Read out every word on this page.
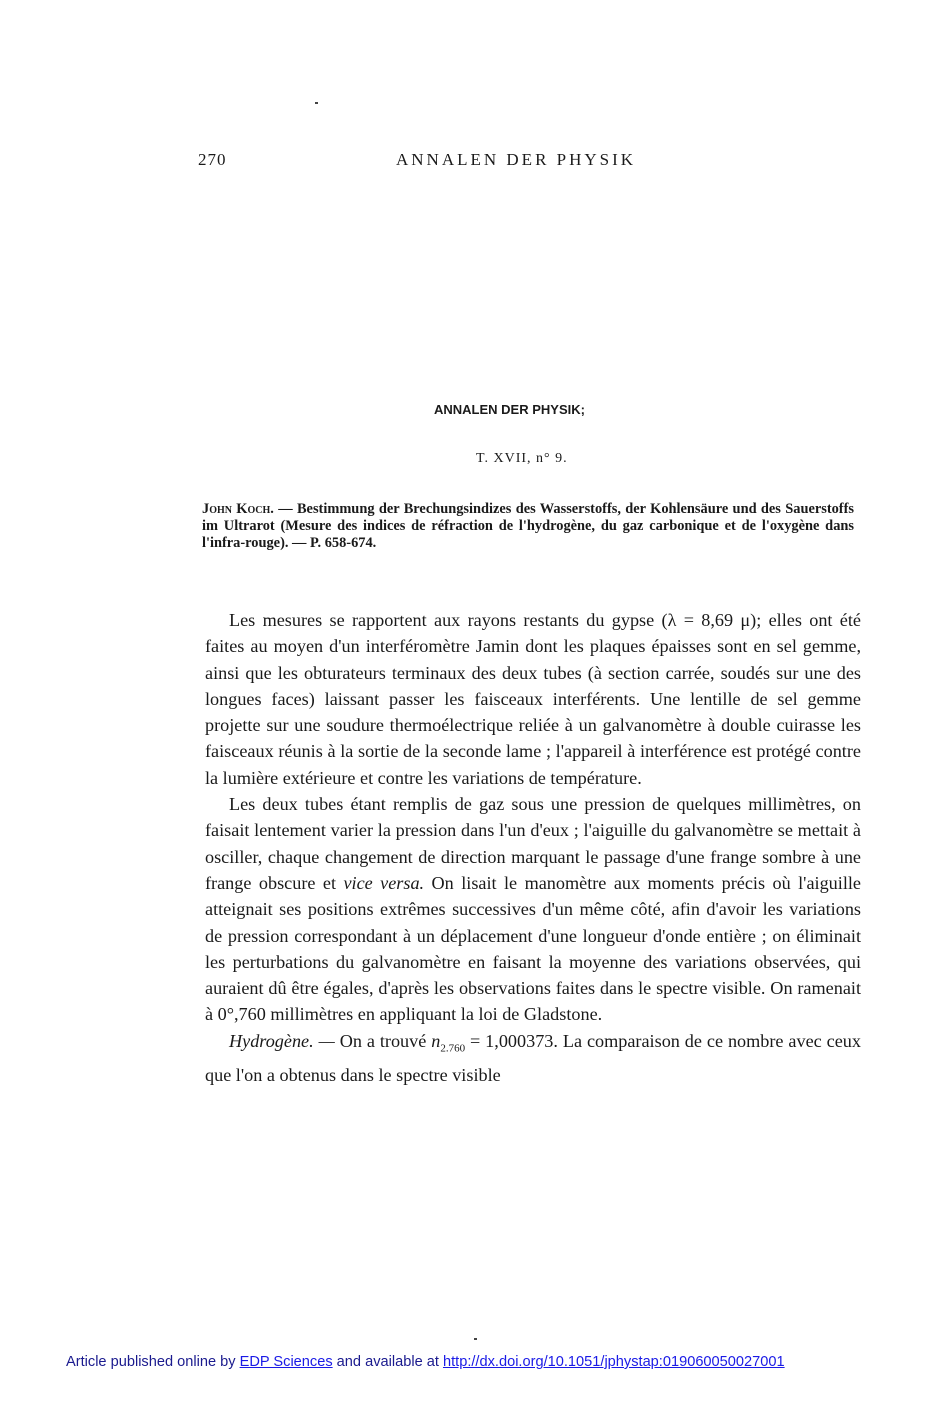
270	ANNALEN DER PHYSIK
ANNALEN DER PHYSIK;
T. XVII, n° 9.
John Koch. — Bestimmung der Brechungsindizes des Wasserstoffs, der Kohlensäure und des Sauerstoffs im Ultrarot (Mesure des indices de réfraction de l'hydrogène, du gaz carbonique et de l'oxygène dans l'infra-rouge). — P. 658-674.

Les mesures se rapportent aux rayons restants du gypse (λ = 8,69 μ); elles ont été faites au moyen d'un interféromètre Jamin dont les plaques épaisses sont en sel gemme, ainsi que les obturateurs terminaux des deux tubes (à section carrée, soudés sur une des longues faces) laissant passer les faisceaux interférents. Une lentille de sel gemme projette sur une soudure thermoélectrique reliée à un galvanomètre à double cuirasse les faisceaux réunis à la sortie de la seconde lame ; l'appareil à interférence est protégé contre la lumière extérieure et contre les variations de température.

Les deux tubes étant remplis de gaz sous une pression de quelques millimètres, on faisait lentement varier la pression dans l'un d'eux ; l'aiguille du galvanomètre se mettait à osciller, chaque changement de direction marquant le passage d'une frange sombre à une frange obscure et vice versa. On lisait le manomètre aux moments précis où l'aiguille atteignait ses positions extrêmes successives d'un même côté, afin d'avoir les variations de pression correspondant à un déplacement d'une longueur d'onde entière ; on éliminait les perturbations du galvanomètre en faisant la moyenne des variations observées, qui auraient dû être égales, d'après les observations faites dans le spectre visible. On ramenait à 0°,760 millimètres en appliquant la loi de Gladstone.

Hydrogène. — On a trouvé $n_{2.760} = 1,000373$. La comparaison de ce nombre avec ceux que l'on a obtenus dans le spectre visible

Article published online by EDP Sciences and available at http://dx.doi.org/10.1051/jphystap:019060050027001
